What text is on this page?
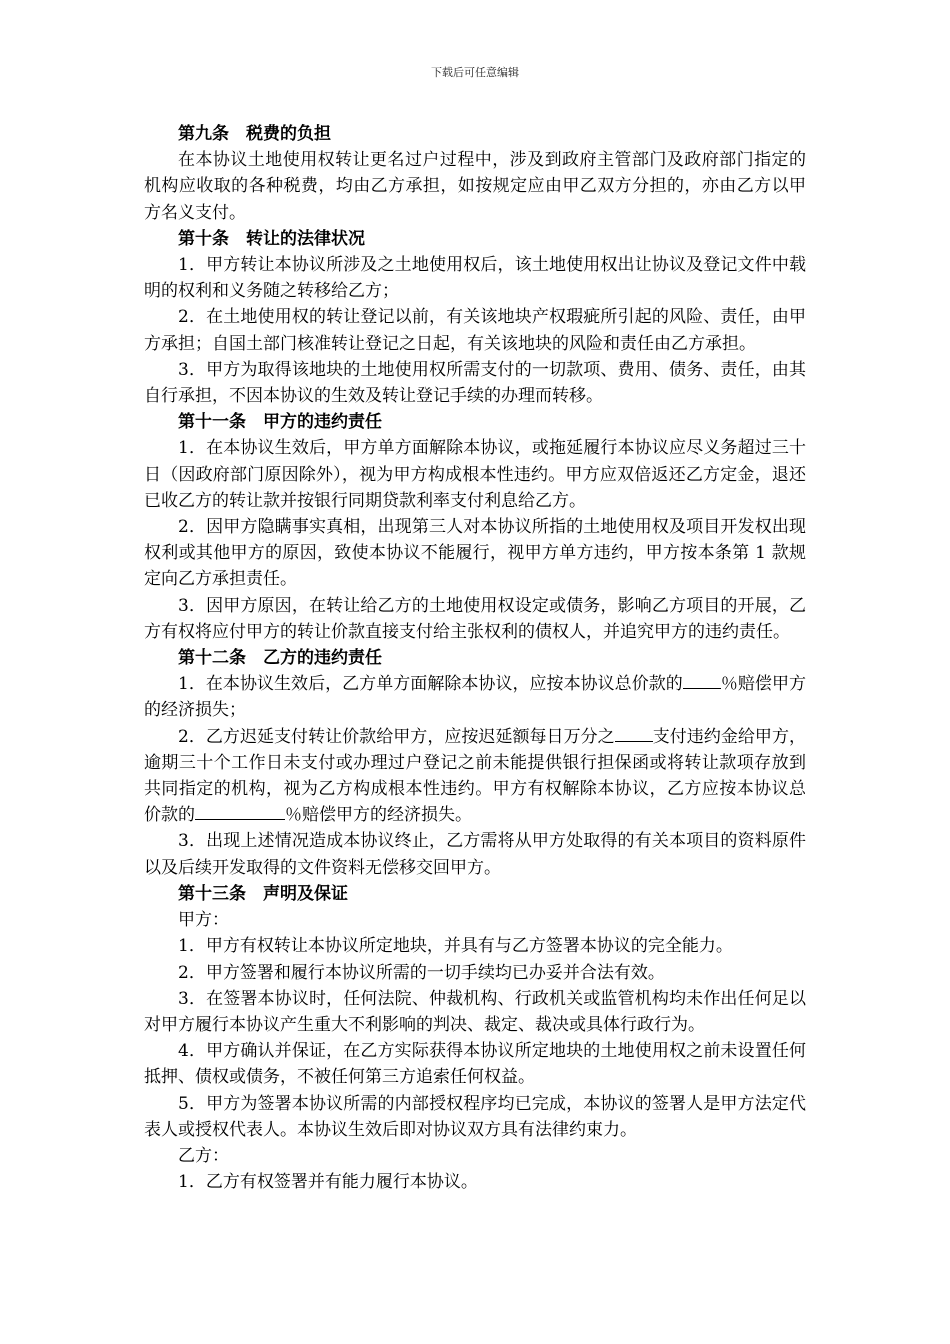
下载后可任意编辑

第九条　税费的负担

在本协议土地使用权转让更名过户过程中，涉及到政府主管部门及政府部门指定的机构应收取的各种税费，均由乙方承担，如按规定应由甲乙双方分担的，亦由乙方以甲方名义支付。

第十条　转让的法律状况

1．甲方转让本协议所涉及之土地使用权后，该土地使用权出让协议及登记文件中载明的权利和义务随之转移给乙方；

2．在土地使用权的转让登记以前，有关该地块产权瑕疵所引起的风险、责任，由甲方承担；自国土部门核准转让登记之日起，有关该地块的风险和责任由乙方承担。

3．甲方为取得该地块的土地使用权所需支付的一切款项、费用、债务、责任，由其自行承担，不因本协议的生效及转让登记手续的办理而转移。

第十一条　甲方的违约责任

1．在本协议生效后，甲方单方面解除本协议，或拖延履行本协议应尽义务超过三十日（因政府部门原因除外），视为甲方构成根本性违约。甲方应双倍返还乙方定金，退还已收乙方的转让款并按银行同期贷款利率支付利息给乙方。

2．因甲方隐瞒事实真相，出现第三人对本协议所指的土地使用权及项目开发权出现权利或其他甲方的原因，致使本协议不能履行，视甲方单方违约，甲方按本条第 1 款规定向乙方承担责任。

3．因甲方原因，在转让给乙方的土地使用权设定或债务，影响乙方项目的开展，乙方有权将应付甲方的转让价款直接支付给主张权利的债权人，并追究甲方的违约责任。

第十二条　乙方的违约责任

1．在本协议生效后，乙方单方面解除本协议，应按本协议总价款的 ％赔偿甲方的经济损失；

2．乙方迟延支付转让价款给甲方，应按迟延额每日万分之 支付违约金给甲方，逾期三十个工作日未支付或办理过户登记之前未能提供银行担保函或将转让款项存放到共同指定的机构，视为乙方构成根本性违约。甲方有权解除本协议，乙方应按本协议总价款的	％赔偿甲方的经济损失。

3．出现上述情况造成本协议终止，乙方需将从甲方处取得的有关本项目的资料原件以及后续开发取得的文件资料无偿移交回甲方。

第十三条　声明及保证

甲方：

1．甲方有权转让本协议所定地块，并具有与乙方签署本协议的完全能力。

2．甲方签署和履行本协议所需的一切手续均已办妥并合法有效。

3．在签署本协议时，任何法院、仲裁机构、行政机关或监管机构均未作出任何足以对甲方履行本协议产生重大不利影响的判决、裁定、裁决或具体行政行为。

4．甲方确认并保证，在乙方实际获得本协议所定地块的土地使用权之前未设置任何抵押、债权或债务，不被任何第三方追索任何权益。

5．甲方为签署本协议所需的内部授权程序均已完成，本协议的签署人是甲方法定代表人或授权代表人。本协议生效后即对协议双方具有法律约束力。

乙方：

1．乙方有权签署并有能力履行本协议。
